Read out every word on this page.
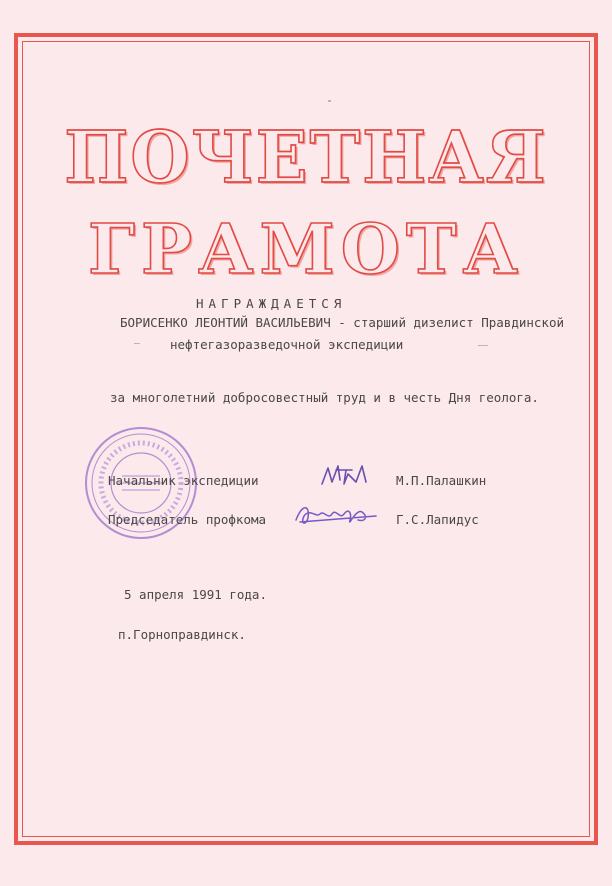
ПОЧЕТНАЯ
ГРАМОТА

НАГРАЖДАЕТСЯ

БОРИСЕНКО ЛЕОНТИЙ ВАСИЛЬЕВИЧ - старший дизелист Правдинской

нефтегазоразведочной экспедиции

за многолетний добросовестный труд и в честь Дня геолога.

Начальник экспедиции	М.П.Палашкин

Председатель профкома	Г.С.Лапидус

5 апреля 1991 года.

п.Горноправдинск.
